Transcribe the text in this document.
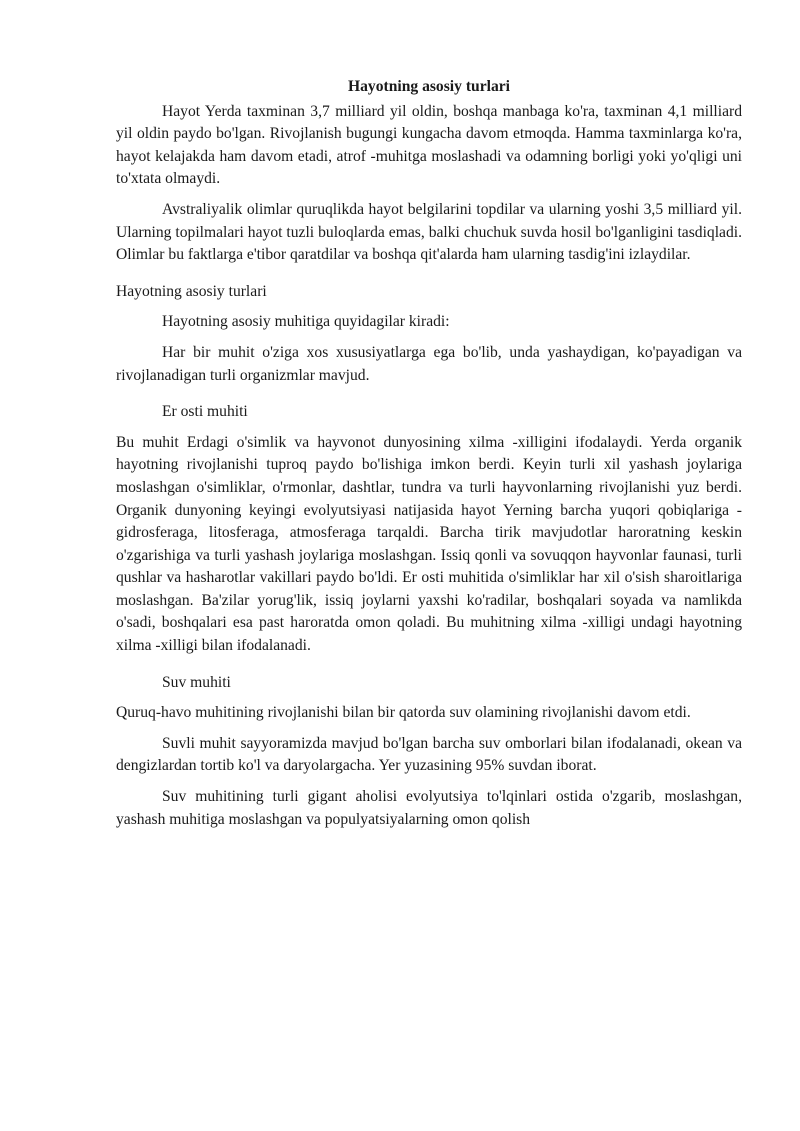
Hayotning asosiy turlari

Hayot Yerda taxminan 3,7 milliard yil oldin, boshqa manbaga ko'ra, taxminan 4,1 milliard yil oldin paydo bo'lgan. Rivojlanish bugungi kungacha davom etmoqda. Hamma taxminlarga ko'ra, hayot kelajakda ham davom etadi, atrof -muhitga moslashadi va odamning borligi yoki yo'qligi uni to'xtata olmaydi.

Avstraliyalik olimlar quruqlikda hayot belgilarini topdilar va ularning yoshi 3,5 milliard yil. Ularning topilmalari hayot tuzli buloqlarda emas, balki chuchuk suvda hosil bo'lganligini tasdiqladi. Olimlar bu faktlarga e'tibor qaratdilar va boshqa qit'alarda ham ularning tasdig'ini izlaydilar.

Hayotning asosiy turlari

Hayotning asosiy muhitiga quyidagilar kiradi:

Har bir muhit o'ziga xos xususiyatlarga ega bo'lib, unda yashaydigan, ko'payadigan va rivojlanadigan turli organizmlar mavjud.

Er osti muhiti

Bu muhit Erdagi o'simlik va hayvonot dunyosining xilma -xilligini ifodalaydi. Yerda organik hayotning rivojlanishi tuproq paydo bo'lishiga imkon berdi. Keyin turli xil yashash joylariga moslashgan o'simliklar, o'rmonlar, dashtlar, tundra va turli hayvonlarning rivojlanishi yuz berdi. Organik dunyoning keyingi evolyutsiyasi natijasida hayot Yerning barcha yuqori qobiqlariga - gidrosferaga, litosferaga, atmosferaga tarqaldi. Barcha tirik mavjudotlar haroratning keskin o'zgarishiga va turli yashash joylariga moslashgan. Issiq qonli va sovuqqon hayvonlar faunasi, turli qushlar va hasharotlar vakillari paydo bo'ldi. Er osti muhitida o'simliklar har xil o'sish sharoitlariga moslashgan. Ba'zilar yorug'lik, issiq joylarni yaxshi ko'radilar, boshqalari soyada va namlikda o'sadi, boshqalari esa past haroratda omon qoladi. Bu muhitning xilma -xilligi undagi hayotning xilma -xilligi bilan ifodalanadi.

Suv muhiti

Quruq-havo muhitining rivojlanishi bilan bir qatorda suv olamining rivojlanishi davom etdi.

Suvli muhit sayyoramizda mavjud bo'lgan barcha suv omborlari bilan ifodalanadi, okean va dengizlardan tortib ko'l va daryolargacha. Yer yuzasining 95% suvdan iborat.

Suv muhitining turli gigant aholisi evolyutsiya to'lqinlari ostida o'zgarib, moslashgan, yashash muhitiga moslashgan va populyatsiyalarning omon qolish
